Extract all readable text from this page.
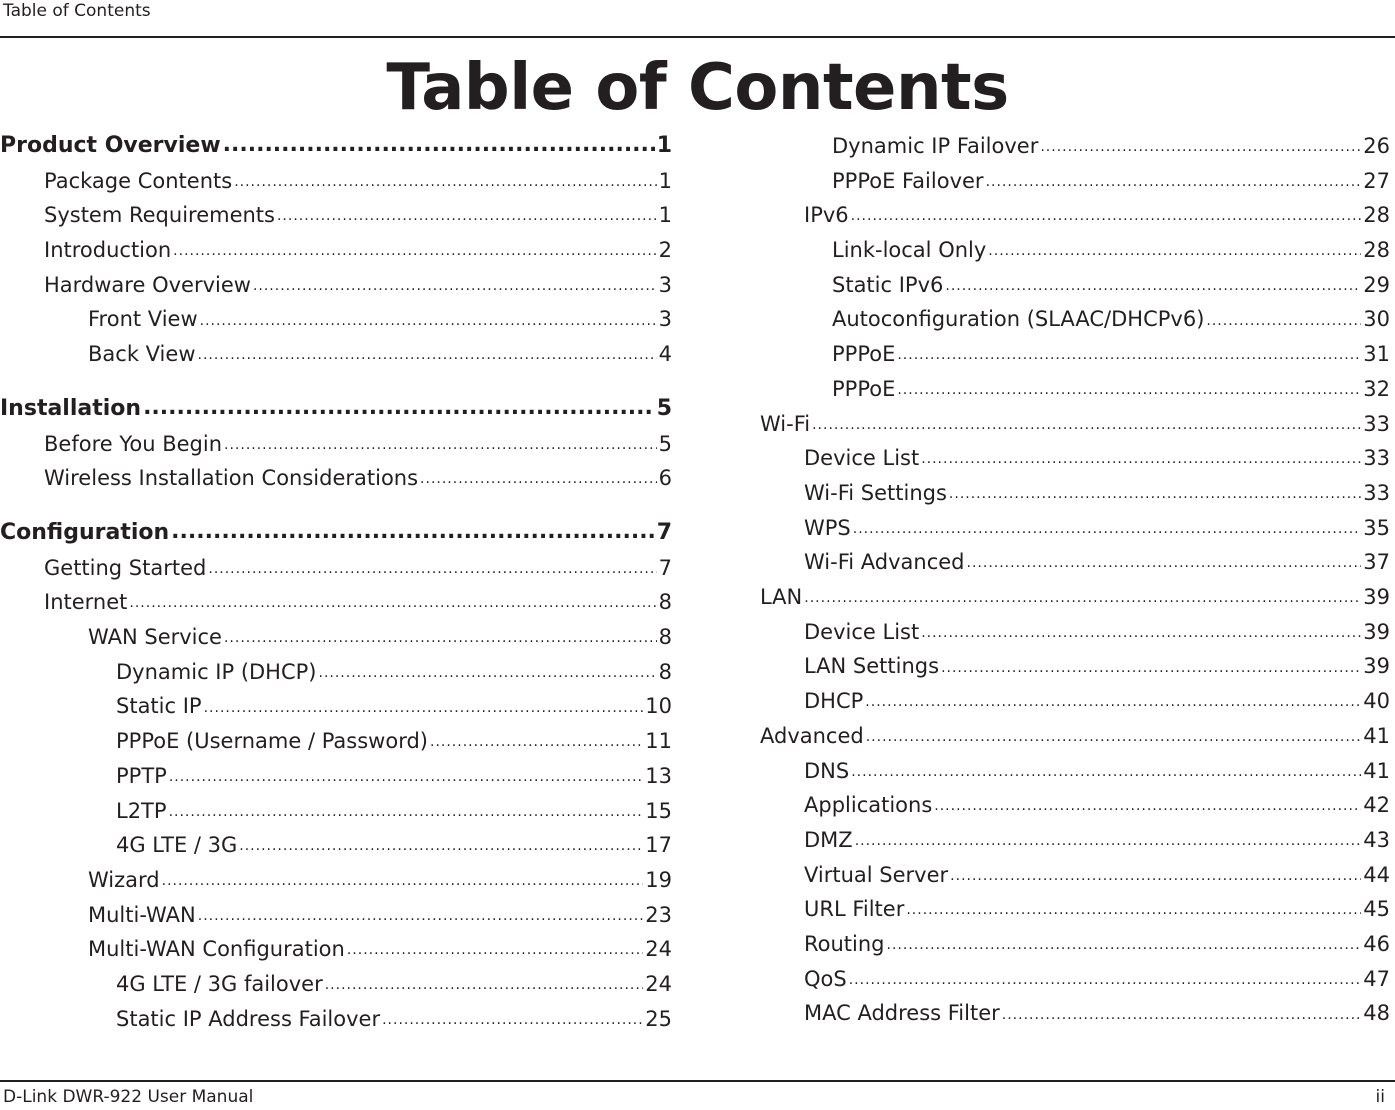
Table of Contents
Table of Contents
Product Overview .....	1
Package Contents .....	1
System Requirements .....	1
Introduction .....	2
Hardware Overview .....	3
Front View .....	3
Back View .....	4
Installation .....	5
Before You Begin .....	5
Wireless Installation Considerations .....	6
Configuration .....	7
Getting Started .....	7
Internet .....	8
WAN Service .....	8
Dynamic IP (DHCP) .....	8
Static IP .....	10
PPPoE (Username / Password) .....	11
PPTP .....	13
L2TP .....	15
4G LTE / 3G .....	17
Wizard .....	19
Multi-WAN .....	23
Multi-WAN Configuration .....	24
4G LTE / 3G failover .....	24
Static IP Address Failover .....	25
Dynamic IP Failover .....	26
PPPoE Failover .....	27
IPv6 .....	28
Link-local Only .....	28
Static IPv6 .....	29
Autoconfiguration (SLAAC/DHCPv6) .....	30
PPPoE .....	31
PPPoE .....	32
Wi-Fi .....	33
Device List .....	33
Wi-Fi Settings .....	33
WPS .....	35
Wi-Fi Advanced .....	37
LAN .....	39
Device List .....	39
LAN Settings .....	39
DHCP .....	40
Advanced .....	41
DNS .....	41
Applications .....	42
DMZ .....	43
Virtual Server .....	44
URL Filter .....	45
Routing .....	46
QoS .....	47
MAC Address Filter .....	48
D-Link DWR-922 User Manual	ii
